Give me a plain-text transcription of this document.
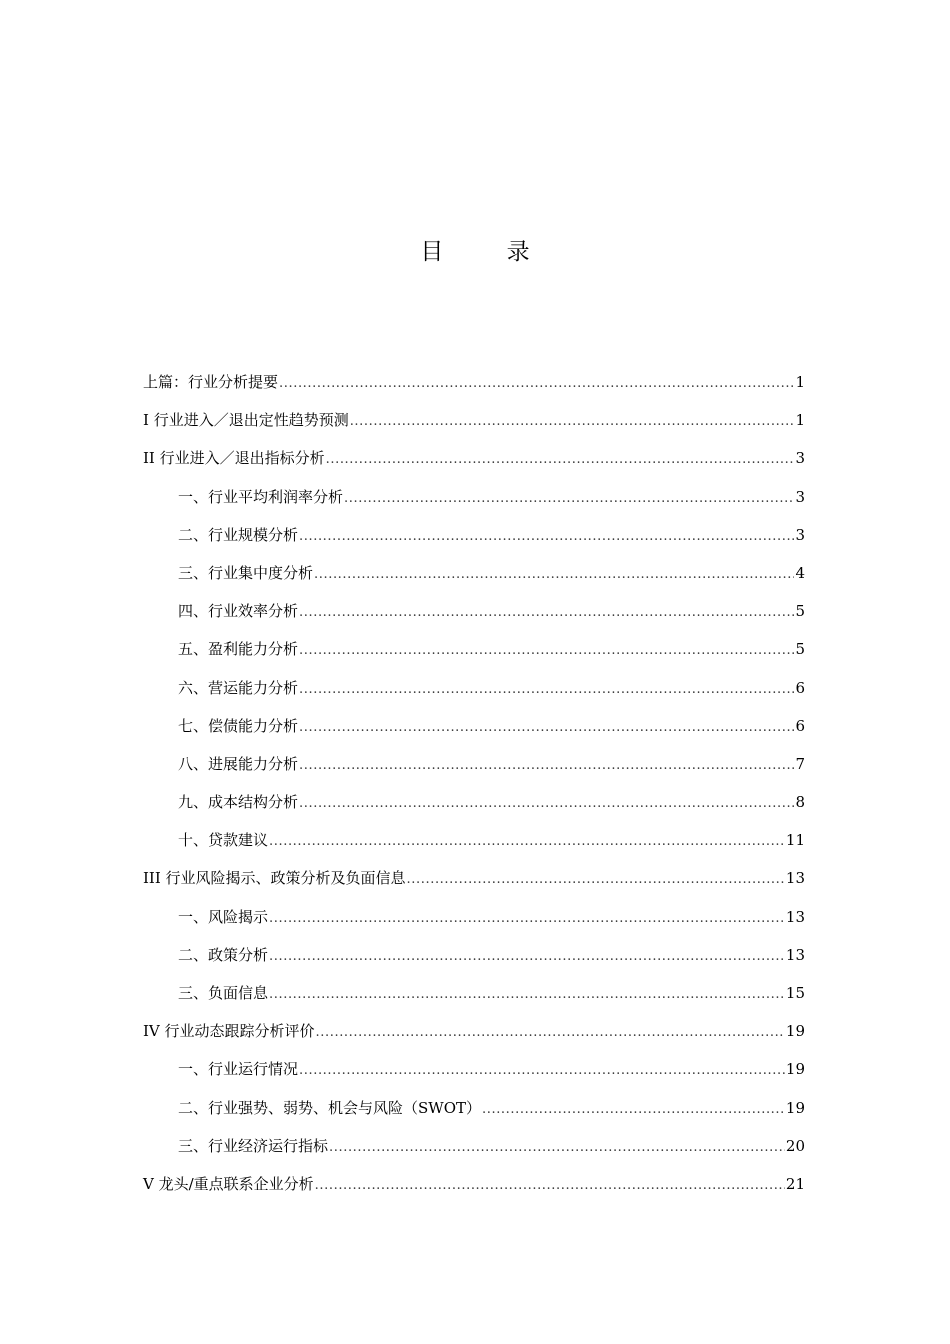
目 录
上篇：行业分析提要 .....	1
I 行业进入／退出定性趋势预测 .....	1
II 行业进入／退出指标分析 .....	3
一、行业平均利润率分析 .....	3
二、行业规模分析 .....	3
三、行业集中度分析 .....	4
四、行业效率分析 .....	5
五、盈利能力分析 .....	5
六、营运能力分析 .....	6
七、偿债能力分析 .....	6
八、进展能力分析 .....	7
九、成本结构分析 .....	8
十、贷款建议 .....	11
III 行业风险揭示、政策分析及负面信息 .....	13
一、风险揭示 .....	13
二、政策分析 .....	13
三、负面信息 .....	15
IV 行业动态跟踪分析评价 .....	19
一、行业运行情况 .....	19
二、行业强势、弱势、机会与风险（SWOT） .....	19
三、行业经济运行指标 .....	20
V 龙头/重点联系企业分析 .....	21
